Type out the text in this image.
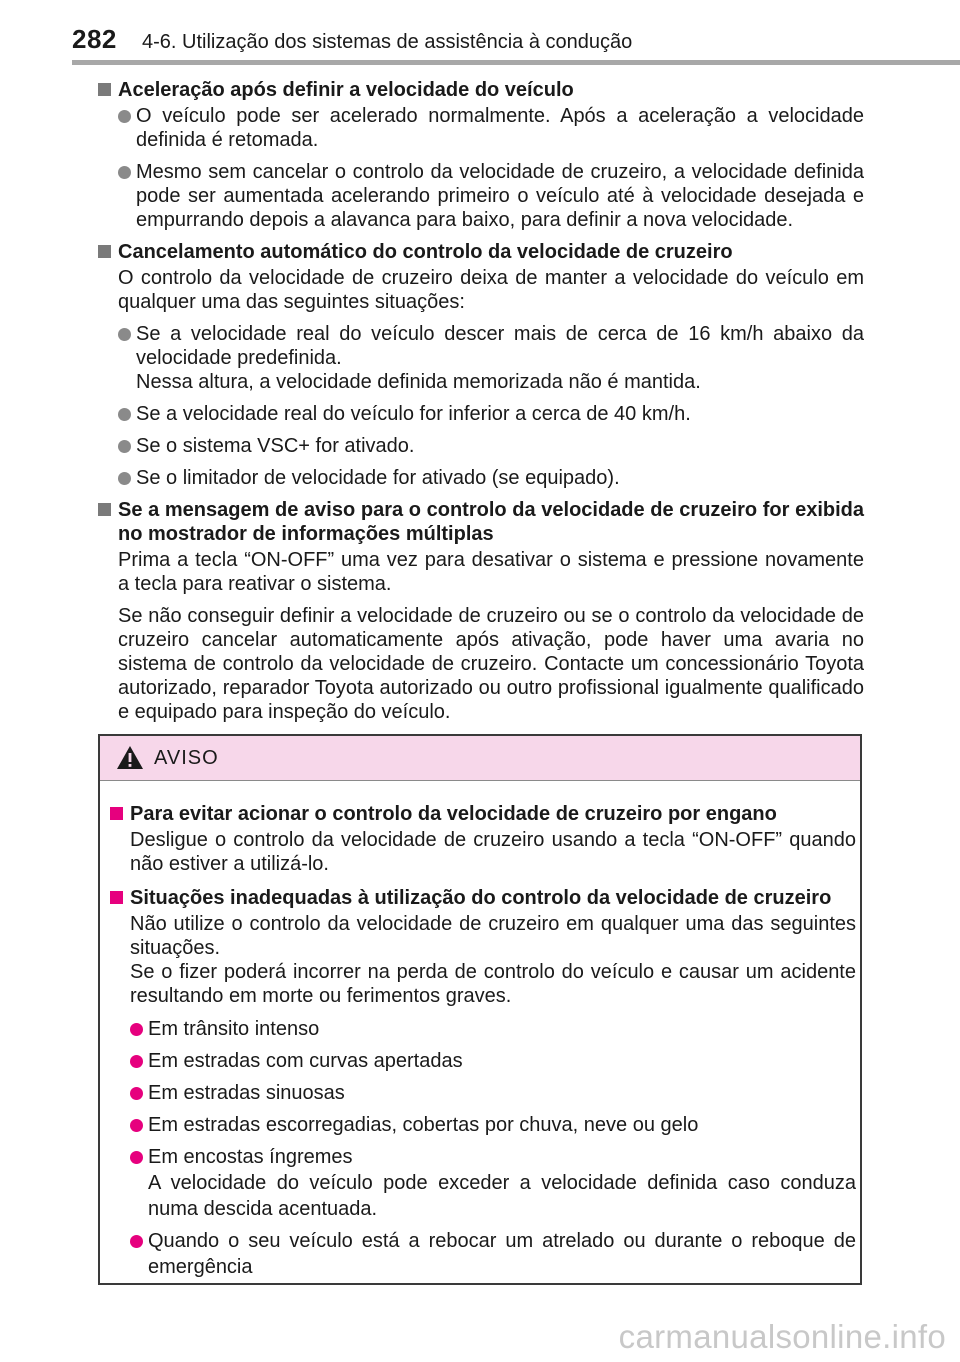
282 4-6. Utilização dos sistemas de assistência à condução
Aceleração após definir a velocidade do veículo
O veículo pode ser acelerado normalmente. Após a aceleração a velocidade definida é retomada.
Mesmo sem cancelar o controlo da velocidade de cruzeiro, a velocidade definida pode ser aumentada acelerando primeiro o veículo até à velocidade desejada e empurrando depois a alavanca para baixo, para definir a nova velocidade.
Cancelamento automático do controlo da velocidade de cruzeiro
O controlo da velocidade de cruzeiro deixa de manter a velocidade do veículo em qualquer uma das seguintes situações:
Se a velocidade real do veículo descer mais de cerca de 16 km/h abaixo da velocidade predefinida.
Nessa altura, a velocidade definida memorizada não é mantida.
Se a velocidade real do veículo for inferior a cerca de 40 km/h.
Se o sistema VSC+ for ativado.
Se o limitador de velocidade for ativado (se equipado).
Se a mensagem de aviso para o controlo da velocidade de cruzeiro for exibida no mostrador de informações múltiplas
Prima a tecla “ON-OFF” uma vez para desativar o sistema e pressione novamente a tecla para reativar o sistema.
Se não conseguir definir a velocidade de cruzeiro ou se o controlo da velocidade de cruzeiro cancelar automaticamente após ativação, pode haver uma avaria no sistema de controlo da velocidade de cruzeiro. Contacte um concessionário Toyota autorizado, reparador Toyota autorizado ou outro profissional igualmente qualificado e equipado para inspeção do veículo.
AVISO
Para evitar acionar o controlo da velocidade de cruzeiro por engano
Desligue o controlo da velocidade de cruzeiro usando a tecla “ON-OFF” quando não estiver a utilizá-lo.
Situações inadequadas à utilização do controlo da velocidade de cruzeiro
Não utilize o controlo da velocidade de cruzeiro em qualquer uma das seguintes situações.
Se o fizer poderá incorrer na perda de controlo do veículo e causar um acidente resultando em morte ou ferimentos graves.
Em trânsito intenso
Em estradas com curvas apertadas
Em estradas sinuosas
Em estradas escorregadias, cobertas por chuva, neve ou gelo
Em encostas íngremes
A velocidade do veículo pode exceder a velocidade definida caso conduza numa descida acentuada.
Quando o seu veículo está a rebocar um atrelado ou durante o reboque de emergência
carmanualsonline.info
